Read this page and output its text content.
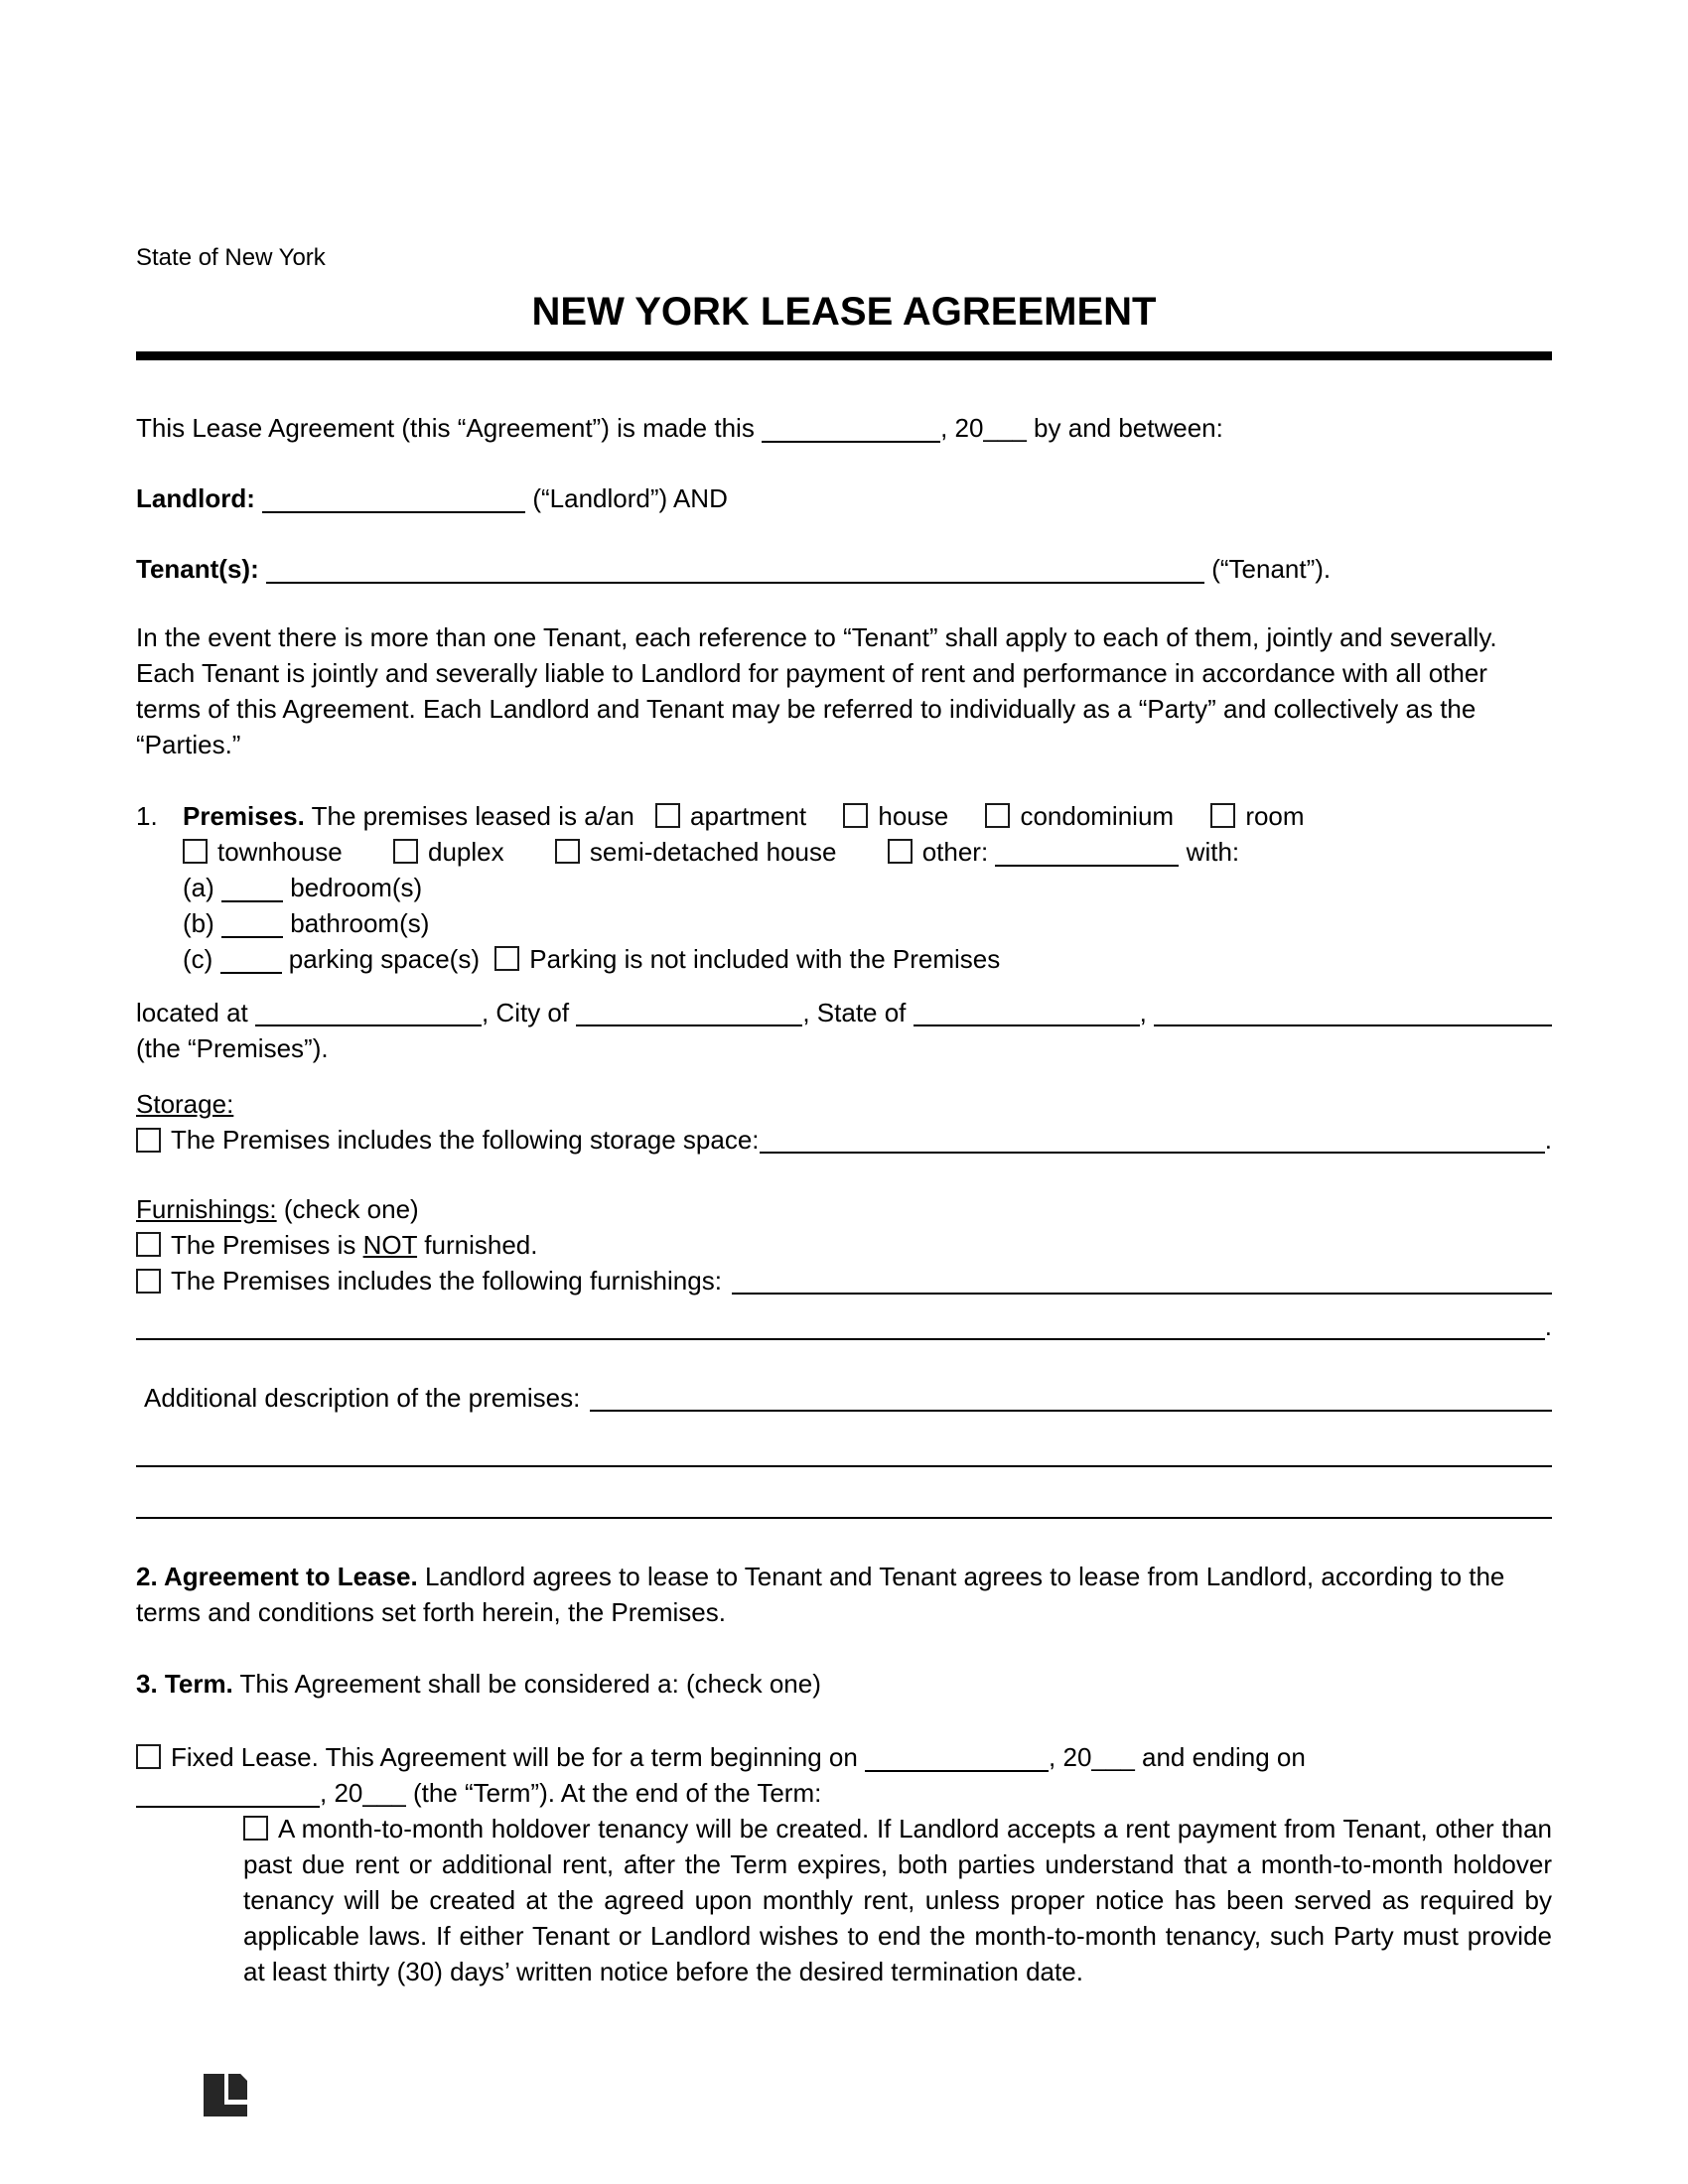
State of New York
NEW YORK LEASE AGREEMENT
This Lease Agreement (this “Agreement”) is made this	, 20___ by and between:
Landlord:	(“Landlord”) AND
Tenant(s):	(“Tenant”).
In the event there is more than one Tenant, each reference to “Tenant” shall apply to each of them, jointly and severally. Each Tenant is jointly and severally liable to Landlord for payment of rent and performance in accordance with all other terms of this Agreement. Each Landlord and Tenant may be referred to individually as a “Party” and collectively as the “Parties.”
1. Premises. The premises leased is a/an apartment	house	condominium	room
townhouse	duplex	semi-detached house	other:	with:
(a)	bedroom(s)
(b)	bathroom(s)
(c)	parking space(s) Parking is not included with the Premises
located at	, City of	, State of	,
(the “Premises”).
Storage:
The Premises includes the following storage space:	.
Furnishings: (check one)
The Premises is NOT furnished.
The Premises includes the following furnishings:
.
Additional description of the premises:
2. Agreement to Lease. Landlord agrees to lease to Tenant and Tenant agrees to lease from Landlord, according to the terms and conditions set forth herein, the Premises.
3. Term. This Agreement shall be considered a: (check one)
Fixed Lease. This Agreement will be for a term beginning on	, 20___ and ending on
, 20___ (the “Term”). At the end of the Term:
A month-to-month holdover tenancy will be created. If Landlord accepts a rent payment from Tenant, other than past due rent or additional rent, after the Term expires, both parties understand that a month-to-month holdover tenancy will be created at the agreed upon monthly rent, unless proper notice has been served as required by applicable laws. If either Tenant or Landlord wishes to end the month-to-month tenancy, such Party must provide at least thirty (30) days’ written notice before the desired termination date.
